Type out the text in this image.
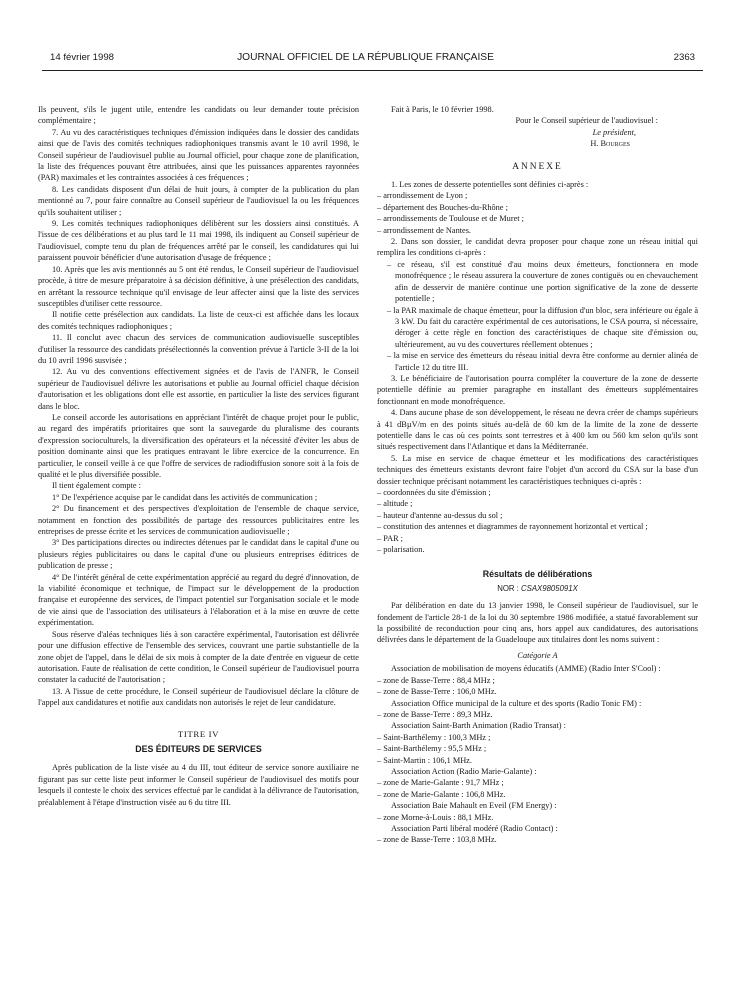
14 février 1998	JOURNAL OFFICIEL DE LA RÉPUBLIQUE FRANÇAISE	2363

Ils peuvent, s'ils le jugent utile, entendre les candidats ou leur demander toute précision complémentaire ;

7. Au vu des caractéristiques techniques d'émission indiquées dans le dossier des candidats ainsi que de l'avis des comités techniques radiophoniques transmis avant le 10 avril 1998, le Conseil supérieur de l'audiovisuel publie au Journal officiel, pour chaque zone de planification, la liste des fréquences pouvant être attribuées, ainsi que les puissances apparentes rayonnées (PAR) maximales et les contraintes associées à ces fréquences ;

8. Les candidats disposent d'un délai de huit jours, à compter de la publication du plan mentionné au 7, pour faire connaître au Conseil supérieur de l'audiovisuel la ou les fréquences qu'ils souhaitent utiliser ;

9. Les comités techniques radiophoniques délibèrent sur les dossiers ainsi constitués. A l'issue de ces délibérations et au plus tard le 11 mai 1998, ils indiquent au Conseil supérieur de l'audiovisuel, compte tenu du plan de fréquences arrêté par le conseil, les candidatures qui lui paraissent pouvoir bénéficier d'une autorisation d'usage de fréquence ;

10. Après que les avis mentionnés au 5 ont été rendus, le Conseil supérieur de l'audiovisuel procède, à titre de mesure préparatoire à sa décision définitive, à une présélection des candidats, en arrêtant la ressource technique qu'il envisage de leur affecter ainsi que la liste des services susceptibles d'utiliser cette ressource.

Il notifie cette présélection aux candidats. La liste de ceux-ci est affichée dans les locaux des comités techniques radiophoniques ;

11. Il conclut avec chacun des services de communication audiovisuelle susceptibles d'utiliser la ressource des candidats présélectionnés la convention prévue à l'article 3-II de la loi du 10 avril 1996 susvisée ;

12. Au vu des conventions effectivement signées et de l'avis de l'ANFR, le Conseil supérieur de l'audiovisuel délivre les autorisations et publie au Journal officiel chaque décision d'autorisation et les obligations dont elle est assortie, en particulier la liste des services figurant dans le bloc.

Le conseil accorde les autorisations en appréciant l'intérêt de chaque projet pour le public, au regard des impératifs prioritaires que sont la sauvegarde du pluralisme des courants d'expression socioculturels, la diversification des opérateurs et la nécessité d'éviter les abus de position dominante ainsi que les pratiques entravant le libre exercice de la concurrence. En particulier, le conseil veille à ce que l'offre de services de radiodiffusion sonore soit à la fois de qualité et le plus diversifiée possible.

Il tient également compte :

1° De l'expérience acquise par le candidat dans les activités de communication ;

2° Du financement et des perspectives d'exploitation de l'ensemble de chaque service, notamment en fonction des possibilités de partage des ressources publicitaires entre les entreprises de presse écrite et les services de communication audiovisuelle ;

3° Des participations directes ou indirectes détenues par le candidat dans le capital d'une ou plusieurs régies publicitaires ou dans le capital d'une ou plusieurs entreprises éditrices de publication de presse ;

4° De l'intérêt général de cette expérimentation apprécié au regard du degré d'innovation, de la viabilité économique et technique, de l'impact sur le développement de la production française et européenne des services, de l'impact potentiel sur l'organisation sociale et le mode de vie ainsi que de l'association des utilisateurs à l'élaboration et à la mise en œuvre de cette expérimentation.

Sous réserve d'aléas techniques liés à son caractère expérimental, l'autorisation est délivrée pour une diffusion effective de l'ensemble des services, couvrant une partie substantielle de la zone objet de l'appel, dans le délai de six mois à compter de la date d'entrée en vigueur de cette autorisation. Faute de réalisation de cette condition, le Conseil supérieur de l'audiovisuel pourra constater la caducité de l'autorisation ;

13. A l'issue de cette procédure, le Conseil supérieur de l'audiovisuel déclare la clôture de l'appel aux candidatures et notifie aux candidats non autorisés le rejet de leur candidature.

TITRE IV

DES ÉDITEURS DE SERVICES

Après publication de la liste visée au 4 du III, tout éditeur de service sonore auxiliaire ne figurant pas sur cette liste peut informer le Conseil supérieur de l'audiovisuel des motifs pour lesquels il conteste le choix des services effectué par le candidat à la délivrance de l'autorisation, préalablement à l'étape d'instruction visée au 6 du titre III.

Fait à Paris, le 10 février 1998.

Pour le Conseil supérieur de l'audiovisuel :

Le président,

H. Bourges

ANNEXE

1. Les zones de desserte potentielles sont définies ci-après :

– arrondissement de Lyon ;
– département des Bouches-du-Rhône ;
– arrondissements de Toulouse et de Muret ;
– arrondissement de Nantes.

2. Dans son dossier, le candidat devra proposer pour chaque zone un réseau initial qui remplira les conditions ci-après :

– ce réseau, s'il est constitué d'au moins deux émetteurs, fonctionnera en mode monofréquence ; le réseau assurera la couverture de zones contiguës ou en chevauchement afin de desservir de manière continue une portion significative de la zone de desserte potentielle ;
– la PAR maximale de chaque émetteur, pour la diffusion d'un bloc, sera inférieure ou égale à 3 kW. Du fait du caractère expérimental de ces autorisations, le CSA pourra, si nécessaire, déroger à cette règle en fonction des caractéristiques de chaque site d'émission ou, ultérieurement, au vu des couvertures réellement obtenues ;
– la mise en service des émetteurs du réseau initial devra être conforme au dernier alinéa de l'article 12 du titre III.

3. Le bénéficiaire de l'autorisation pourra compléter la couverture de la zone de desserte potentielle définie au premier paragraphe en installant des émetteurs supplémentaires fonctionnant en mode monofréquence.

4. Dans aucune phase de son développement, le réseau ne devra créer de champs supérieurs à 41 dBµV/m en des points situés au-delà de 60 km de la limite de la zone de desserte potentielle dans le cas où ces points sont terrestres et à 400 km ou 560 km selon qu'ils sont situés respectivement dans l'Atlantique et dans la Méditerranée.

5. La mise en service de chaque émetteur et les modifications des caractéristiques techniques des émetteurs existants devront faire l'objet d'un accord du CSA sur la base d'un dossier technique précisant notamment les caractéristiques techniques ci-après :

– coordonnées du site d'émission ;
– altitude ;
– hauteur d'antenne au-dessus du sol ;
– constitution des antennes et diagrammes de rayonnement horizontal et vertical ;
– PAR ;
– polarisation.

Résultats de délibérations

NOR : CSAX9805091X

Par délibération en date du 13 janvier 1998, le Conseil supérieur de l'audiovisuel, sur le fondement de l'article 28-1 de la loi du 30 septembre 1986 modifiée, a statué favorablement sur la possibilité de reconduction pour cinq ans, hors appel aux candidatures, des autorisations délivrées dans le département de la Guadeloupe aux titulaires dont les noms suivent :

Catégorie A

Association de mobilisation de moyens éducatifs (AMME) (Radio Inter S'Cool) :

– zone de Basse-Terre : 88,4 MHz ;
– zone de Basse-Terre : 106,0 MHz.

Association Office municipal de la culture et des sports (Radio Tonic FM) :

– zone de Basse-Terre : 89,3 MHz.

Association Saint-Barth Animation (Radio Transat) :

– Saint-Barthélemy : 100,3 MHz ;
– Saint-Barthélemy : 95,5 MHz ;
– Saint-Martin : 106,1 MHz.

Association Action (Radio Marie-Galante) :

– zone de Marie-Galante : 91,7 MHz ;
– zone de Marie-Galante : 106,8 MHz.

Association Baie Mahault en Eveil (FM Energy) :

– zone Morne-à-Louis : 88,1 MHz.

Association Parti libéral modéré (Radio Contact) :

– zone de Basse-Terre : 103,8 MHz.
